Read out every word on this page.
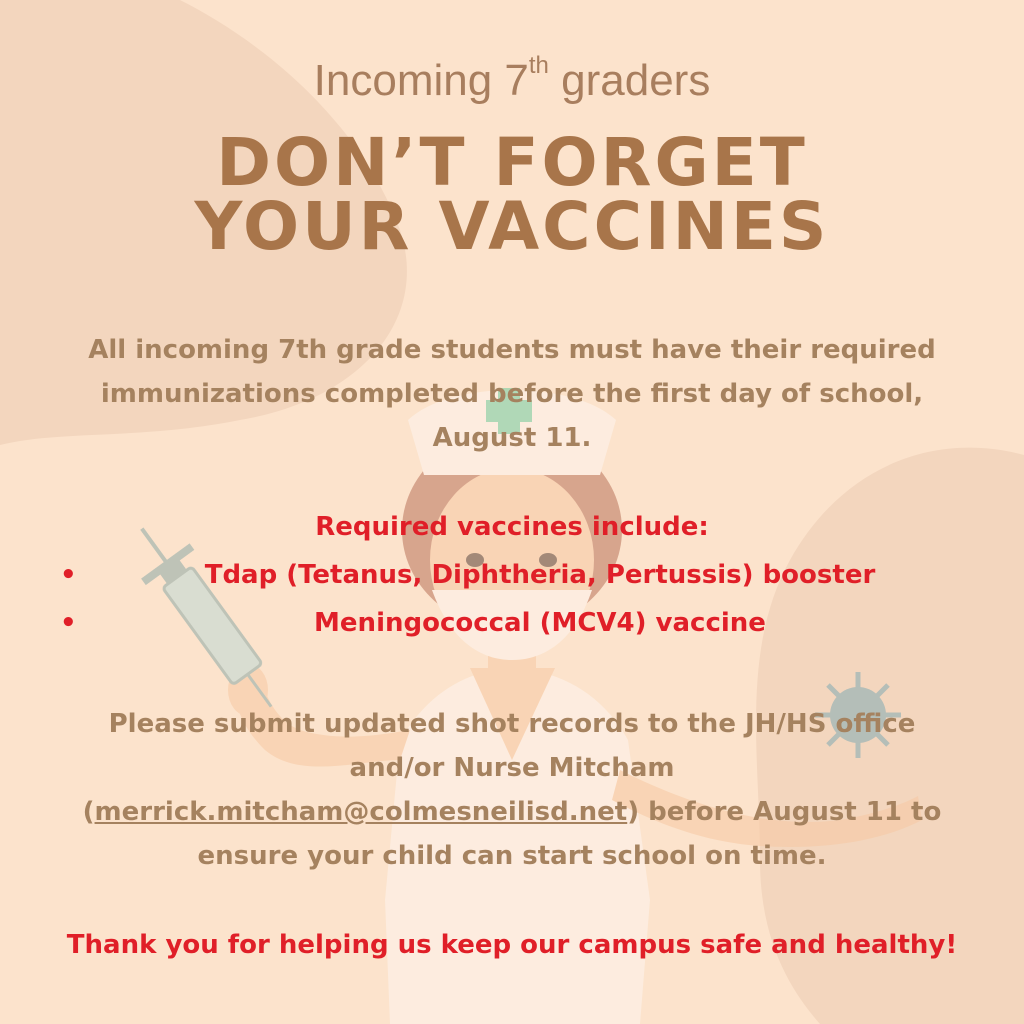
Incoming 7th graders
DON’T FORGET
YOUR VACCINES
All incoming 7th grade students must have their required
immunizations completed before the first day of school,
August 11.
Required vaccines include:
•	Tdap (Tetanus, Diphtheria, Pertussis) booster
•	Meningococcal (MCV4) vaccine
Please submit updated shot records to the JH/HS office
and/or Nurse Mitcham
(merrick.mitcham@colmesneilisd.net) before August 11 to
ensure your child can start school on time.
Thank you for helping us keep our campus safe and healthy!
